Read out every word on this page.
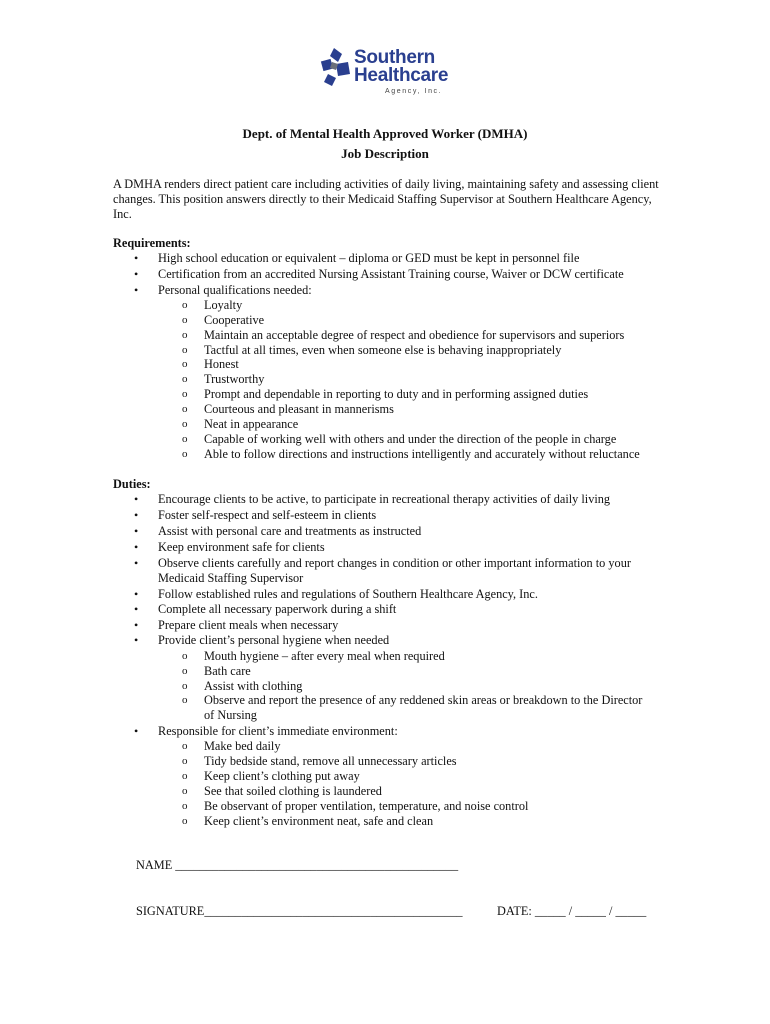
Southern
Healthcare
Agency, Inc.
Dept. of Mental Health Approved Worker (DMHA)
Job Description
A DMHA renders direct patient care including activities of daily living, maintaining safety and assessing client changes. This position answers directly to their Medicaid Staffing Supervisor at Southern Healthcare Agency, Inc.
Requirements:
• High school education or equivalent – diploma or GED must be kept in personnel file
• Certification from an accredited Nursing Assistant Training course, Waiver or DCW certificate
• Personal qualifications needed:
o Loyalty
o Cooperative
o Maintain an acceptable degree of respect and obedience for supervisors and superiors
o Tactful at all times, even when someone else is behaving inappropriately
o Honest
o Trustworthy
o Prompt and dependable in reporting to duty and in performing assigned duties
o Courteous and pleasant in mannerisms
o Neat in appearance
o Capable of working well with others and under the direction of the people in charge
o Able to follow directions and instructions intelligently and accurately without reluctance
Duties:
• Encourage clients to be active, to participate in recreational therapy activities of daily living
• Foster self-respect and self-esteem in clients
• Assist with personal care and treatments as instructed
• Keep environment safe for clients
• Observe clients carefully and report changes in condition or other important information to your
Medicaid Staffing Supervisor
• Follow established rules and regulations of Southern Healthcare Agency, Inc.
• Complete all necessary paperwork during a shift
• Prepare client meals when necessary
• Provide client’s personal hygiene when needed
o Mouth hygiene – after every meal when required
o Bath care
o Assist with clothing
o Observe and report the presence of any reddened skin areas or breakdown to the Director
of Nursing
• Responsible for client’s immediate environment:
o Make bed daily
o Tidy bedside stand, remove all unnecessary articles
o Keep client’s clothing put away
o See that soiled clothing is laundered
o Be observant of proper ventilation, temperature, and noise control
o Keep client’s environment neat, safe and clean
NAME ______________________________________________
SIGNATURE__________________________________________	DATE: _____ / _____ / _____
